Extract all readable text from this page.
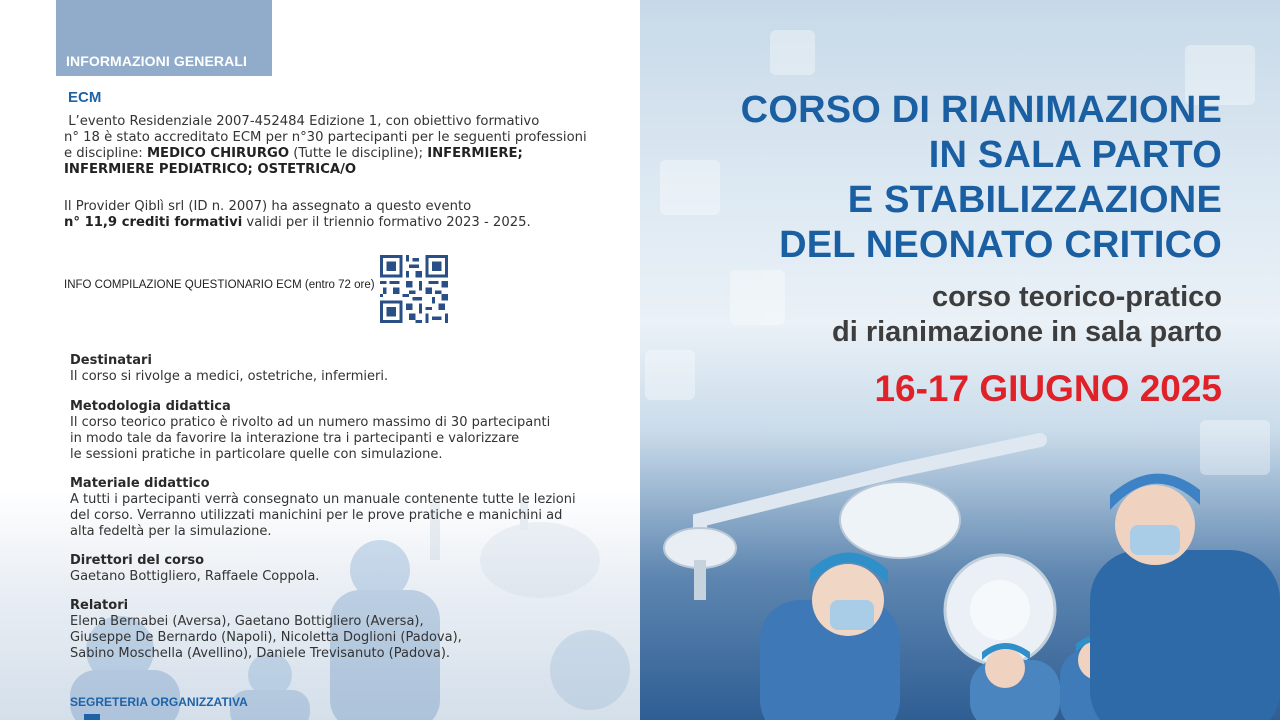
INFORMAZIONI GENERALI
ECM
L’evento Residenziale 2007-452484 Edizione 1, con obiettivo formativo
n° 18 è stato accreditato ECM per n°30 partecipanti per le seguenti professioni
e discipline: MEDICO CHIRURGO (Tutte le discipline); INFERMIERE;
INFERMIERE PEDIATRICO; OSTETRICA/O
Il Provider Qiblì srl (ID n. 2007) ha assegnato a questo evento
n° 11,9 crediti formativi validi per il triennio formativo 2023 - 2025.
INFO COMPILAZIONE QUESTIONARIO ECM (entro 72 ore)
Destinatari
Il corso si rivolge a medici, ostetriche, infermieri.
Metodologia didattica
Il corso teorico pratico è rivolto ad un numero massimo di 30 partecipanti
in modo tale da favorire la interazione tra i partecipanti e valorizzare
le sessioni pratiche in particolare quelle con simulazione.
Materiale didattico
A tutti i partecipanti verrà consegnato un manuale contenente tutte le lezioni
del corso. Verranno utilizzati manichini per le prove pratiche e manichini ad
alta fedeltà per la simulazione.
Direttori del corso
Gaetano Bottigliero, Raffaele Coppola.
Relatori
Elena Bernabei (Aversa), Gaetano Bottigliero (Aversa),
Giuseppe De Bernardo (Napoli), Nicoletta Doglioni (Padova),
Sabino Moschella (Avellino), Daniele Trevisanuto (Padova).
SEGRETERIA ORGANIZZATIVA
CORSO DI RIANIMAZIONE
IN SALA PARTO
E STABILIZZAZIONE
DEL NEONATO CRITICO
corso teorico-pratico
di rianimazione in sala parto
16-17 GIUGNO 2025
